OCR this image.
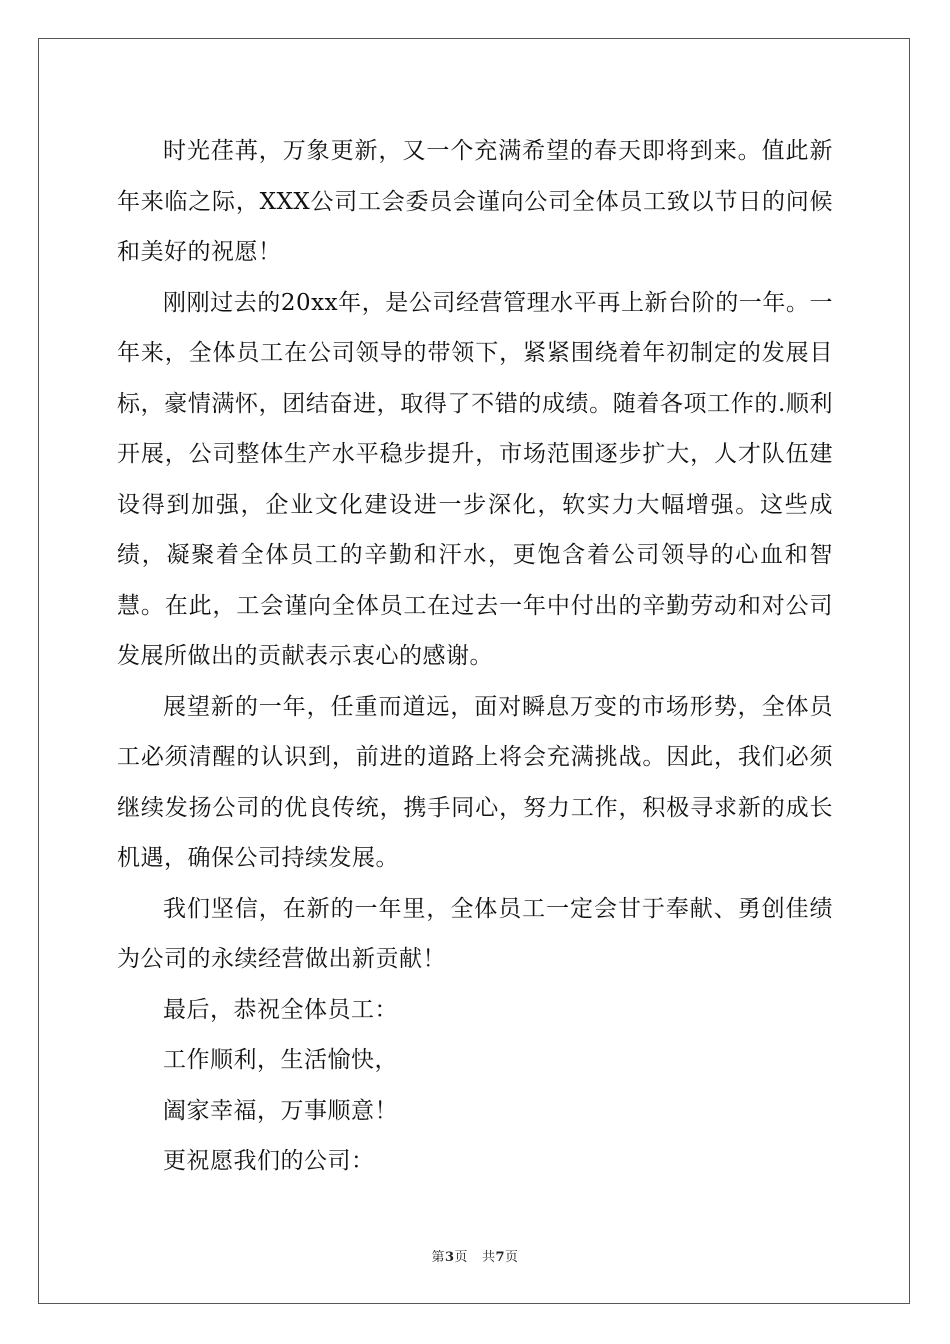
时光荏苒，万象更新，又一个充满希望的春天即将到来。值此新年来临之际，XXX公司工会委员会谨向公司全体员工致以节日的问候和美好的祝愿！

刚刚过去的20xx年，是公司经营管理水平再上新台阶的一年。一年来，全体员工在公司领导的带领下，紧紧围绕着年初制定的发展目标，豪情满怀，团结奋进，取得了不错的成绩。随着各项工作的.顺利开展，公司整体生产水平稳步提升，市场范围逐步扩大，人才队伍建设得到加强，企业文化建设进一步深化，软实力大幅增强。这些成绩，凝聚着全体员工的辛勤和汗水，更饱含着公司领导的心血和智慧。在此，工会谨向全体员工在过去一年中付出的辛勤劳动和对公司发展所做出的贡献表示衷心的感谢。

展望新的一年，任重而道远，面对瞬息万变的市场形势，全体员工必须清醒的认识到，前进的道路上将会充满挑战。因此，我们必须继续发扬公司的优良传统，携手同心，努力工作，积极寻求新的成长机遇，确保公司持续发展。

我们坚信，在新的一年里，全体员工一定会甘于奉献、勇创佳绩为公司的永续经营做出新贡献！

最后，恭祝全体员工：

工作顺利，生活愉快，

阖家幸福，万事顺意！

更祝愿我们的公司：

第3页 共7页
